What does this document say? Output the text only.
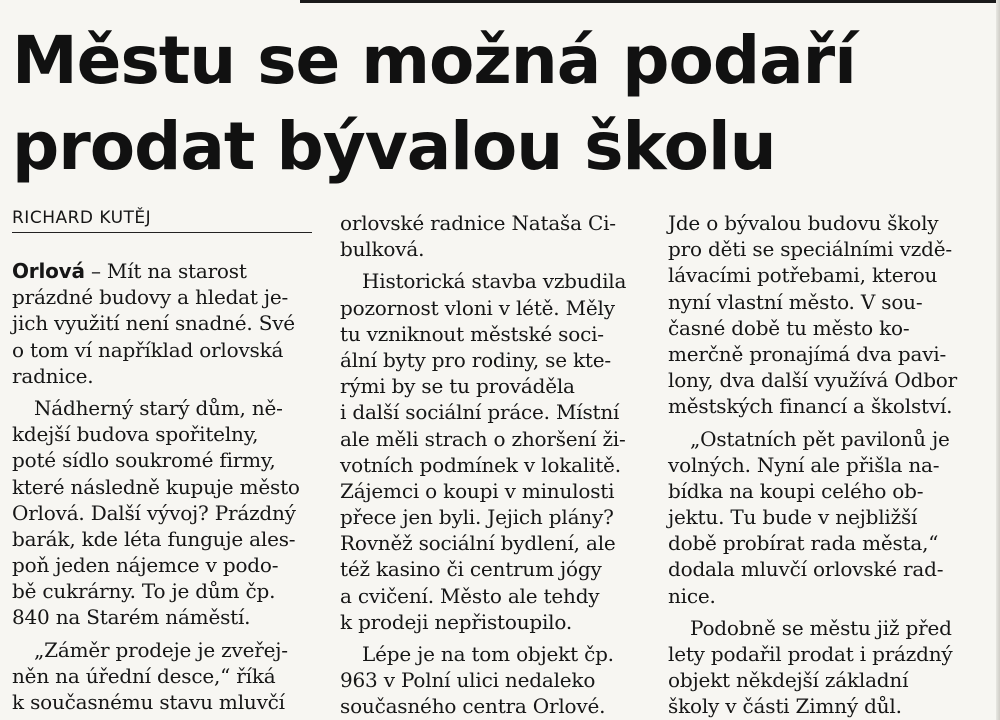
Městu se možná podaří
prodat bývalou školu
RICHARD KUTĚJ
Orlová – Mít na starost
prázdné budovy a hledat je-
jich využití není snadné. Své
o tom ví například orlovská
radnice.
Nádherný starý dům, ně-
kdejší budova spořitelny,
poté sídlo soukromé firmy,
které následně kupuje město
Orlová. Další vývoj? Prázdný
barák, kde léta funguje ales-
poň jeden nájemce v podo-
bě cukrárny. To je dům čp.
840 na Starém náměstí.
„Záměr prodeje je zveřej-
něn na úřední desce,“ říká
k současnému stavu mluvčí
orlovské radnice Nataša Ci-
bulková.
Historická stavba vzbudila
pozornost vloni v létě. Měly
tu vzniknout městské soci-
ální byty pro rodiny, se kte-
rými by se tu prováděla
i další sociální práce. Místní
ale měli strach o zhoršení ži-
votních podmínek v lokalitě.
Zájemci o koupi v minulosti
přece jen byli. Jejich plány?
Rovněž sociální bydlení, ale
též kasino či centrum jógy
a cvičení. Město ale tehdy
k prodeji nepřistoupilo.
Lépe je na tom objekt čp.
963 v Polní ulici nedaleko
současného centra Orlové.
Jde o bývalou budovu školy
pro děti se speciálními vzdě-
lávacími potřebami, kterou
nyní vlastní město. V sou-
časné době tu město ko-
merčně pronajímá dva pavi-
lony, dva další využívá Odbor
městských financí a školství.
„Ostatních pět pavilonů je
volných. Nyní ale přišla na-
bídka na koupi celého ob-
jektu. Tu bude v nejbližší
době probírat rada města,“
dodala mluvčí orlovské rad-
nice.
Podobně se městu již před
lety podařil prodat i prázdný
objekt někdejší základní
školy v části Zimný důl.
